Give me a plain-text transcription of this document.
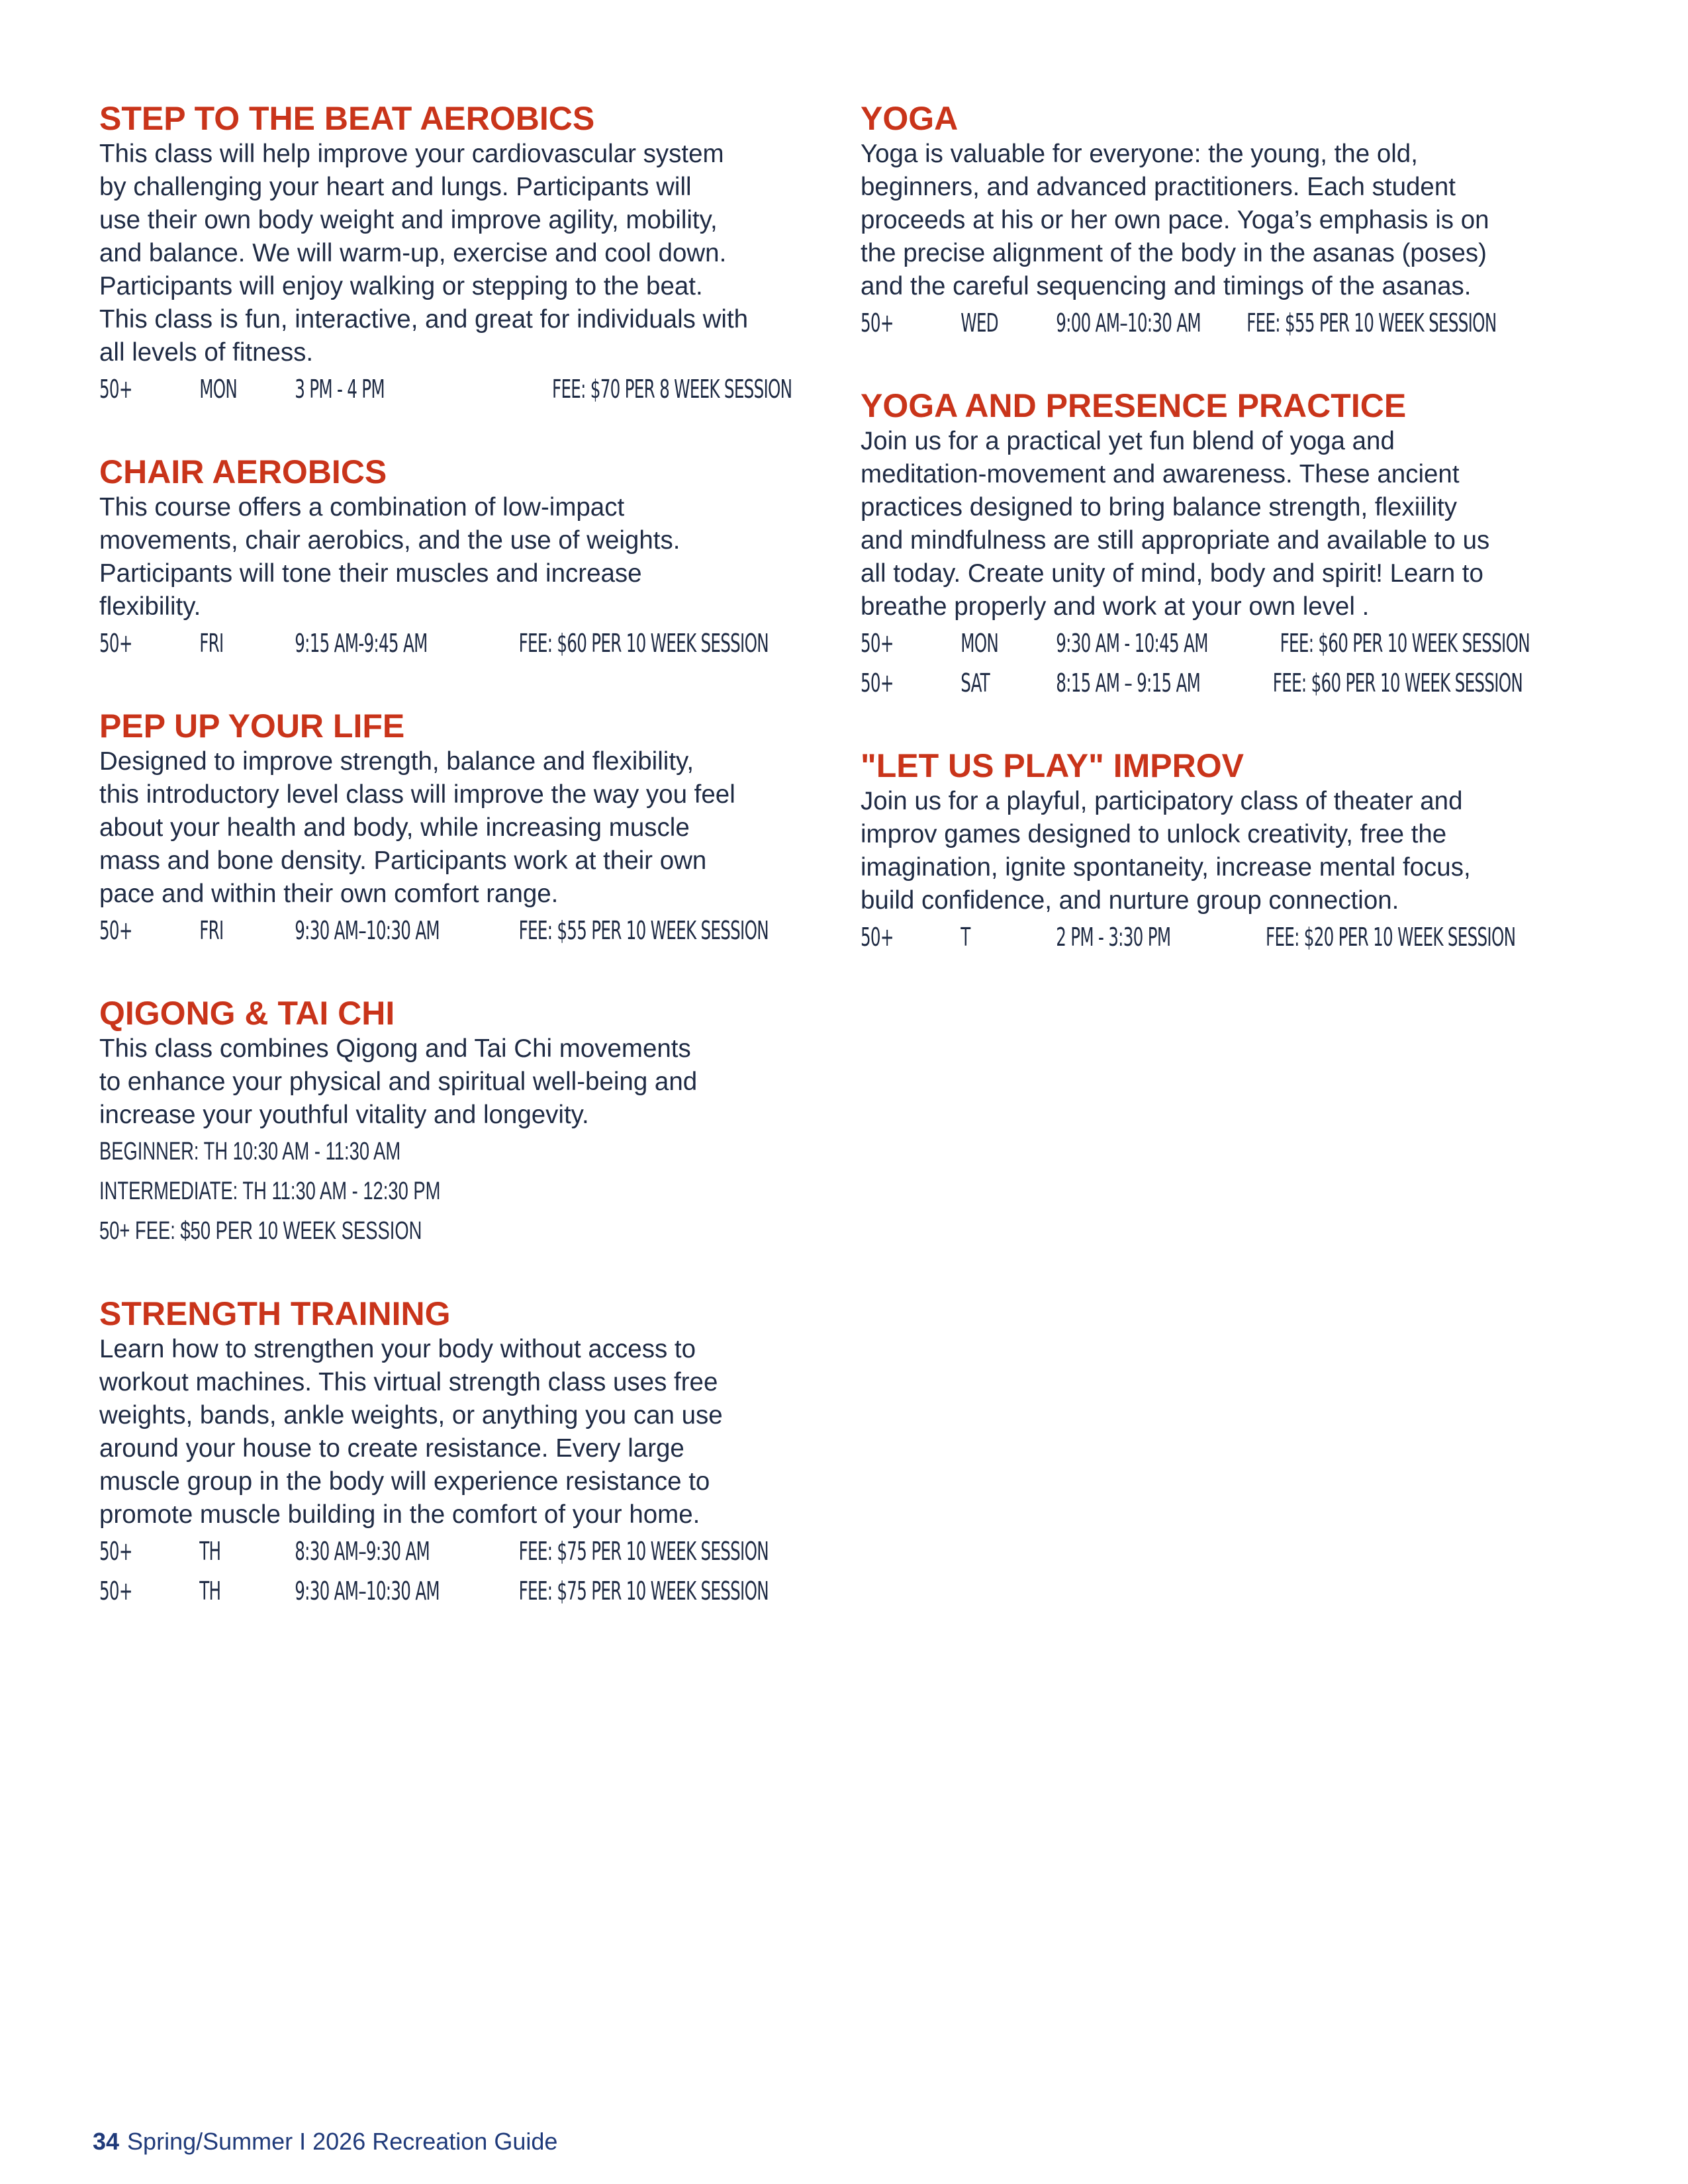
STEP TO THE BEAT AEROBICS
This class will help improve your cardiovascular system
by challenging your heart and lungs. Participants will
use their own body weight and improve agility, mobility,
and balance. We will warm-up, exercise and cool down.
Participants will enjoy walking or stepping to the beat.
This class is fun, interactive, and great for individuals with
all levels of fitness.
50+	MON	3 PM - 4 PM	FEE: $70 PER 8 WEEK SESSION
CHAIR AEROBICS
This course offers a combination of low-impact
movements, chair aerobics, and the use of weights.
Participants will tone their muscles and increase
flexibility.
50+	FRI	9:15 AM-9:45 AM	FEE: $60 PER 10 WEEK SESSION
PEP UP YOUR LIFE
Designed to improve strength, balance and flexibility,
this introductory level class will improve the way you feel
about your health and body, while increasing muscle
mass and bone density. Participants work at their own
pace and within their own comfort range.
50+	FRI	9:30 AM–10:30 AM	FEE: $55 PER 10 WEEK SESSION
QIGONG & TAI CHI
This class combines Qigong and Tai Chi movements
to enhance your physical and spiritual well-being and
increase your youthful vitality and longevity.
BEGINNER: TH 10:30 AM - 11:30 AM
INTERMEDIATE: TH 11:30 AM - 12:30 PM
50+ FEE: $50 PER 10 WEEK SESSION
STRENGTH TRAINING
Learn how to strengthen your body without access to
workout machines. This virtual strength class uses free
weights, bands, ankle weights, or anything you can use
around your house to create resistance. Every large
muscle group in the body will experience resistance to
promote muscle building in the comfort of your home.
50+	TH	8:30 AM–9:30 AM	FEE: $75 PER 10 WEEK SESSION
50+	TH	9:30 AM–10:30 AM	FEE: $75 PER 10 WEEK SESSION
YOGA
Yoga is valuable for everyone: the young, the old,
beginners, and advanced practitioners. Each student
proceeds at his or her own pace. Yoga’s emphasis is on
the precise alignment of the body in the asanas (poses)
and the careful sequencing and timings of the asanas.
50+	WED	9:00 AM–10:30 AM	FEE: $55 PER 10 WEEK SESSION
YOGA AND PRESENCE PRACTICE
Join us for a practical yet fun blend of yoga and
meditation-movement and awareness. These ancient
practices designed to bring balance strength, flexiility
and mindfulness are still appropriate and available to us
all today. Create unity of mind, body and spirit! Learn to
breathe properly and work at your own level .
50+	MON	9:30 AM - 10:45 AM	FEE: $60 PER 10 WEEK SESSION
50+	SAT	8:15 AM – 9:15 AM	FEE: $60 PER 10 WEEK SESSION
"LET US PLAY" IMPROV
Join us for a playful, participatory class of theater and
improv games designed to unlock creativity, free the
imagination, ignite spontaneity, increase mental focus,
build confidence, and nurture group connection.
50+	T	2 PM - 3:30 PM	FEE: $20 PER 10 WEEK SESSION
34 Spring/Summer I 2026 Recreation Guide
